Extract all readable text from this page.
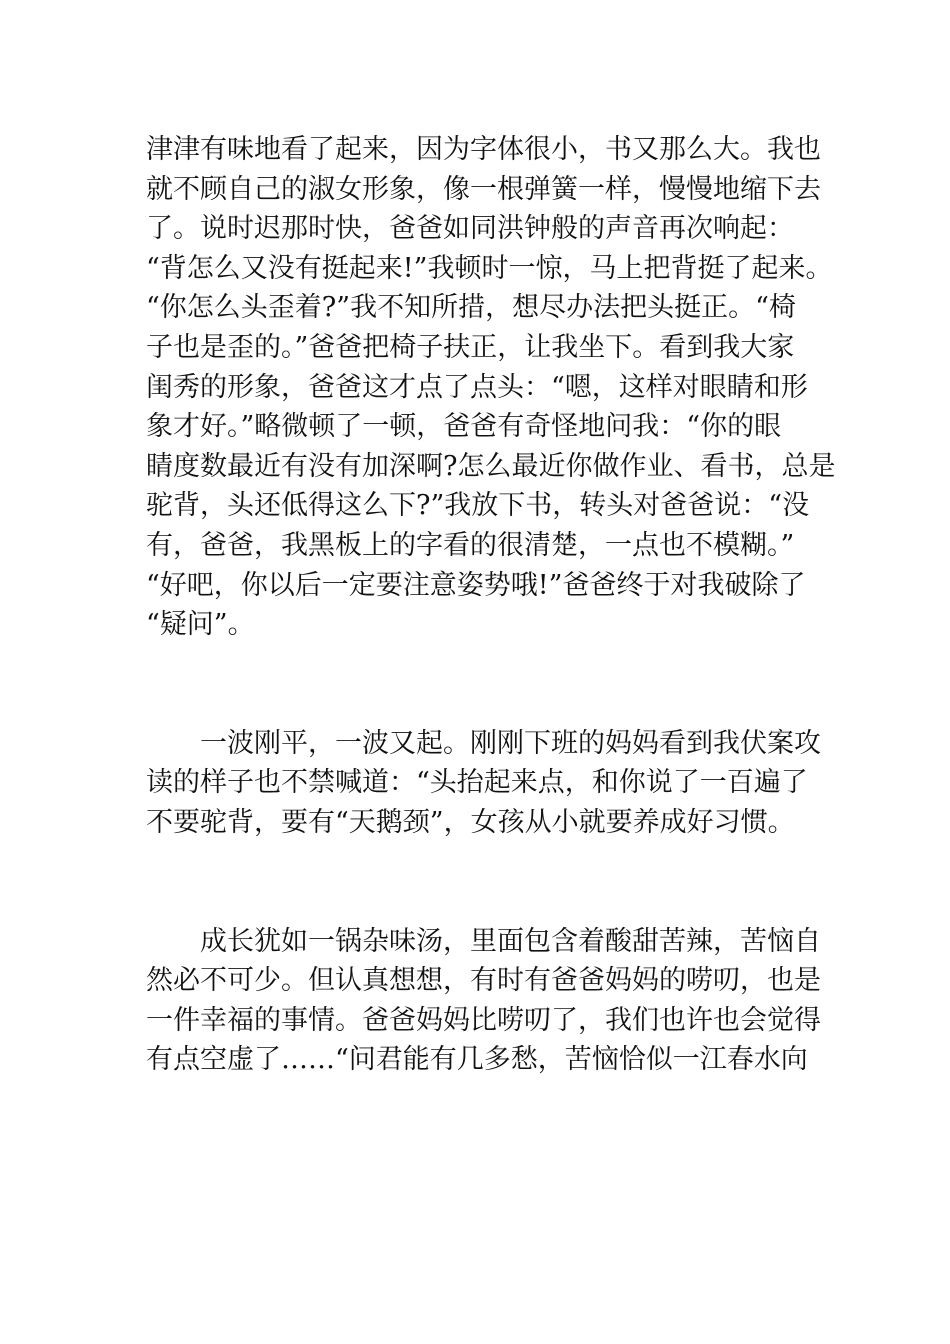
津津有味地看了起来，因为字体很小，书又那么大。我也
就不顾自己的淑女形象，像一根弹簧一样，慢慢地缩下去
了。说时迟那时快，爸爸如同洪钟般的声音再次响起：
“背怎么又没有挺起来!”我顿时一惊，马上把背挺了起来。
“你怎么头歪着?”我不知所措，想尽办法把头挺正。“椅
子也是歪的。”爸爸把椅子扶正，让我坐下。看到我大家
闺秀的形象，爸爸这才点了点头：“嗯，这样对眼睛和形
象才好。”略微顿了一顿，爸爸有奇怪地问我：“你的眼
睛度数最近有没有加深啊?怎么最近你做作业、看书，总是
驼背，头还低得这么下?”我放下书，转头对爸爸说：“没
有，爸爸，我黑板上的字看的很清楚，一点也不模糊。”
“好吧，你以后一定要注意姿势哦!”爸爸终于对我破除了
“疑问”。
一波刚平，一波又起。刚刚下班的妈妈看到我伏案攻
读的样子也不禁喊道：“头抬起来点，和你说了一百遍了
不要驼背，要有“天鹅颈”，女孩从小就要养成好习惯。
成长犹如一锅杂味汤，里面包含着酸甜苦辣，苦恼自
然必不可少。但认真想想，有时有爸爸妈妈的唠叨，也是
一件幸福的事情。爸爸妈妈比唠叨了，我们也许也会觉得
有点空虚了……“问君能有几多愁，苦恼恰似一江春水向
